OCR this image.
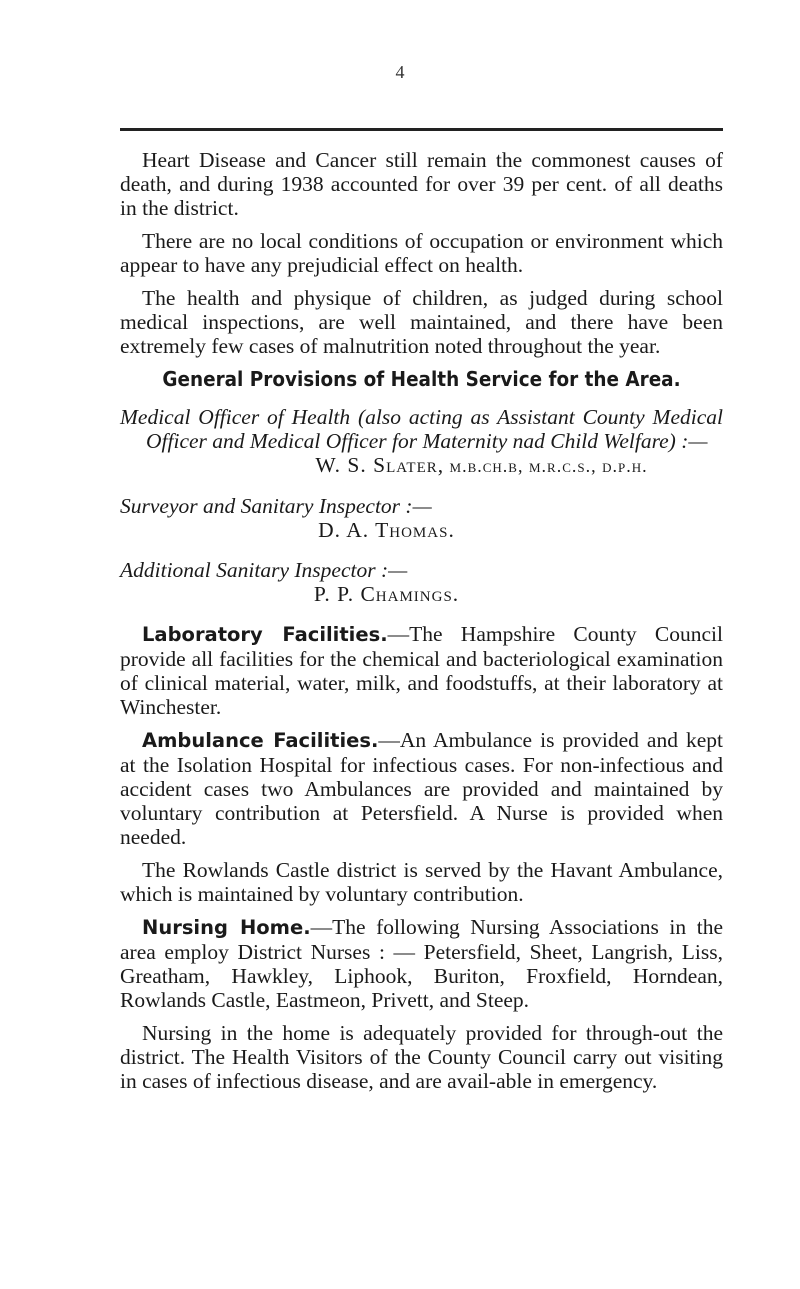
4

Heart Disease and Cancer still remain the commonest causes of death, and during 1938 accounted for over 39 per cent. of all deaths in the district.

There are no local conditions of occupation or environment which appear to have any prejudicial effect on health.

The health and physique of children, as judged during school medical inspections, are well maintained, and there have been extremely few cases of malnutrition noted throughout the year.

General Provisions of Health Service for the Area.

Medical Officer of Health (also acting as Assistant County Medical Officer and Medical Officer for Maternity nad Child Welfare) :—

W. S. Slater, m.b.ch.b, m.r.c.s., d.p.h.

Surveyor and Sanitary Inspector :—

D. A. Thomas.

Additional Sanitary Inspector :—

P. P. Chamings.

Laboratory Facilities.—The Hampshire County Council provide all facilities for the chemical and bacteriological examination of clinical material, water, milk, and foodstuffs, at their laboratory at Winchester.

Ambulance Facilities.—An Ambulance is provided and kept at the Isolation Hospital for infectious cases. For non-infectious and accident cases two Ambulances are provided and maintained by voluntary contribution at Petersfield. A Nurse is provided when needed.

The Rowlands Castle district is served by the Havant Ambulance, which is maintained by voluntary contribution.

Nursing Home.—The following Nursing Associations in the area employ District Nurses : — Petersfield, Sheet, Langrish, Liss, Greatham, Hawkley, Liphook, Buriton, Froxfield, Horndean, Rowlands Castle, Eastmeon, Privett, and Steep.

Nursing in the home is adequately provided for through-out the district. The Health Visitors of the County Council carry out visiting in cases of infectious disease, and are avail-able in emergency.
